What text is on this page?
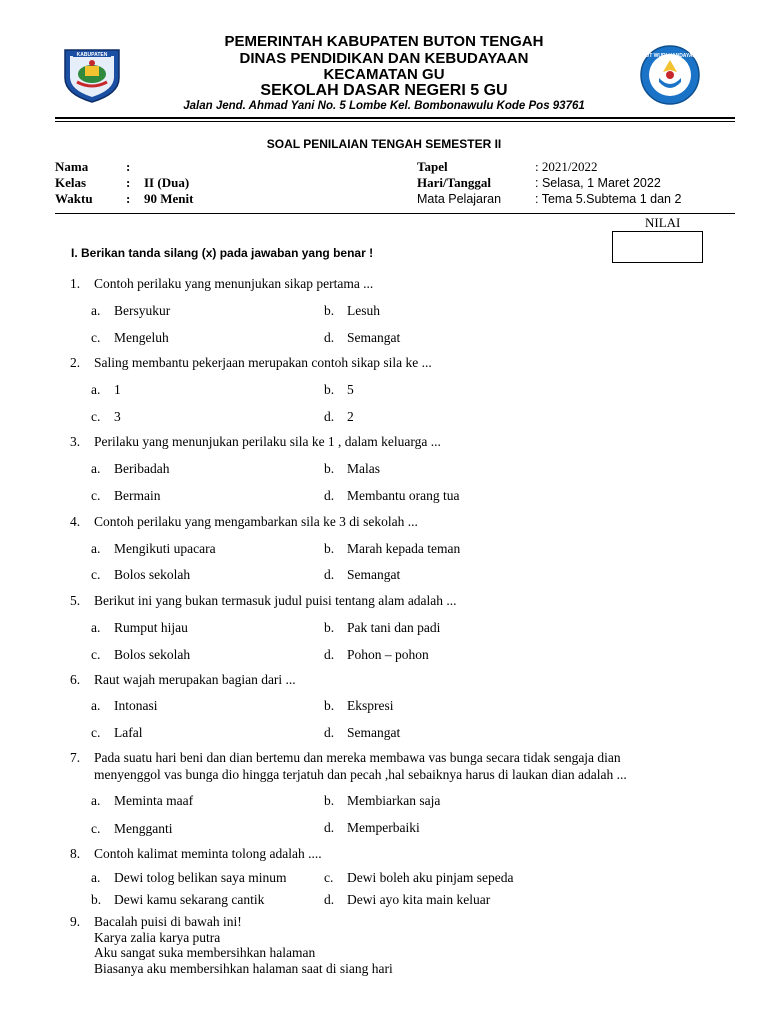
KABUPATEN	TUT WURI HANDAYANI
PEMERINTAH KABUPATEN BUTON TENGAH
DINAS PENDIDIKAN DAN KEBUDAYAAN
KECAMATAN GU
SEKOLAH DASAR NEGERI 5 GU
Jalan Jend. Ahmad Yani No. 5 Lombe Kel. Bombonawulu Kode Pos 93761
SOAL PENILAIAN TENGAH SEMESTER II
Nama	:
Kelas	: II (Dua)
Waktu	: 90 Menit
Tapel	: 2021/2022
Hari/Tanggal	: Selasa, 1 Maret 2022
Mata Pelajaran	: Tema 5.Subtema 1 dan 2
NILAI
I. Berikan tanda silang (x) pada jawaban yang benar !
1. Contoh perilaku yang menunjukan sikap pertama ...
a. Bersyukur	b. Lesuh
c. Mengeluh	d. Semangat
2. Saling membantu pekerjaan merupakan contoh sikap sila ke ...
a. 1	b. 5
c. 3	d. 2
3. Perilaku yang menunjukan perilaku sila ke 1 , dalam keluarga ...
a. Beribadah	b. Malas
c. Bermain	d. Membantu orang tua
4. Contoh perilaku yang mengambarkan sila ke 3 di sekolah ...
a. Mengikuti upacara	b. Marah kepada teman
c. Bolos sekolah	d. Semangat
5. Berikut ini yang bukan termasuk judul puisi tentang alam adalah ...
a. Rumput hijau	b. Pak tani dan padi
c. Bolos sekolah	d. Pohon – pohon
6. Raut wajah merupakan bagian dari ...
a. Intonasi	b. Ekspresi
c. Lafal	d. Semangat
7. Pada suatu hari beni dan dian bertemu dan mereka membawa vas bunga secara tidak sengaja dian
menyenggol vas bunga dio hingga terjatuh dan pecah ,hal sebaiknya harus di laukan dian adalah ...
a. Meminta maaf	b. Membiarkan saja
c. Mengganti	d. Memperbaiki
8. Contoh kalimat meminta tolong adalah ....
a. Dewi tolog belikan saya minum	c. Dewi boleh aku pinjam sepeda
b. Dewi kamu sekarang cantik	d. Dewi ayo kita main keluar
9. Bacalah puisi di bawah ini!
Karya zalia karya putra
Aku sangat suka membersihkan halaman
Biasanya aku membersihkan halaman saat di siang hari
